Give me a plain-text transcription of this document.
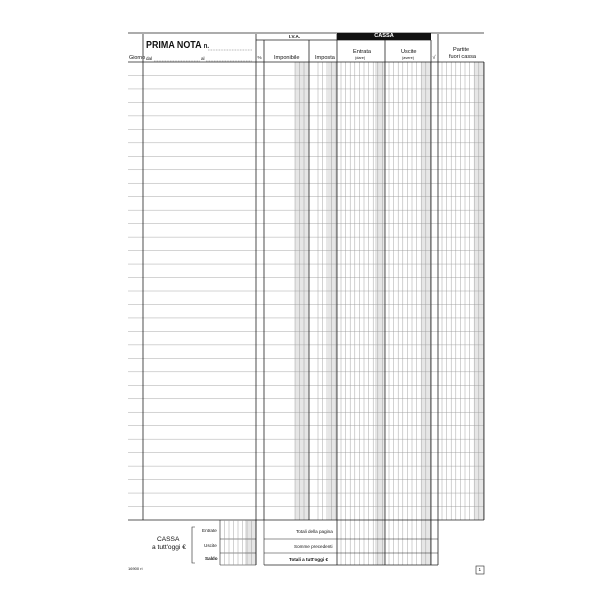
CASSA
PRIMA NOTA n.
Giorno dal	al
I.V.A.
% Imponibile	Imposta
Entrata
(dare)
Uscite
(avere)	√
Partite
fuori cassa
CASSA
a tutt'oggi €
Entrate
Uscite
Saldo
Totali della pagina
Somme precedenti
Totali a tutt'oggi €
16900 ri	1
